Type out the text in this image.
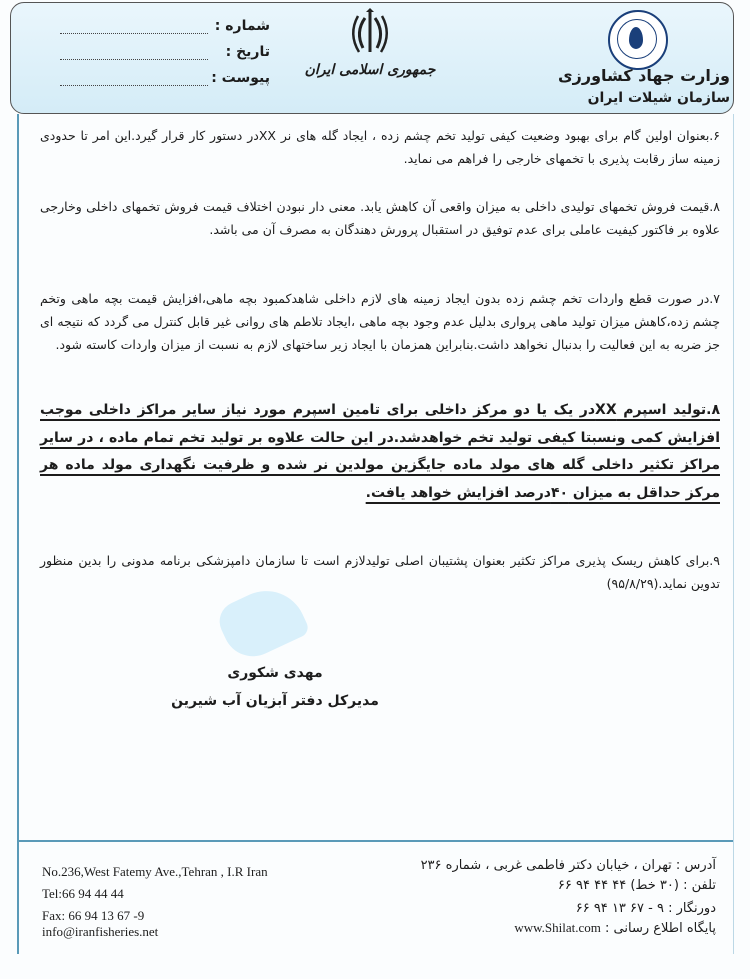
شماره :
تاریخ :
پیوست :	جمهوری اسلامی ایران	وزارت جهاد کشاورزی
سازمان شیلات ایران
۶.بعنوان اولین گام برای بهبود وضعیت کیفی تولید تخم چشم زده ، ایجاد گله های نر XXدر دستور کار قرار گیرد.این امر تا حدودی زمینه ساز رقابت پذیری با تخمهای خارجی را فراهم می نماید.
۸.قیمت فروش تخمهای تولیدی داخلی به میزان واقعی آن کاهش یابد. معنی دار نبودن اختلاف قیمت فروش تخمهای داخلی وخارجی علاوه بر فاکتور کیفیت عاملی برای عدم توفیق در استقبال پرورش دهندگان به مصرف آن می باشد.
۷.در صورت قطع واردات تخم چشم زده بدون ایجاد زمینه های لازم داخلی شاهدکمبود بچه ماهی،افزایش قیمت بچه ماهی وتخم چشم زده،کاهش میزان تولید ماهی پرواری بدلیل عدم وجود بچه ماهی ،ایجاد تلاطم های روانی غیر قابل کنترل می گردد که نتیجه ای جز ضربه به این فعالیت را بدنبال نخواهد داشت.بنابراین همزمان با ایجاد زیر ساختهای لازم به نسبت از میزان واردات کاسته شود.
۸.تولید اسپرم XXدر یک یا دو مرکز داخلی برای تامین اسپرم مورد نیاز سایر مراکز داخلی موجب افزایش کمی ونسبتا کیفی تولید تخم خواهدشد.در این حالت علاوه بر تولید تخم تمام ماده ، در سایر مراکز تکثیر داخلی گله های مولد ماده جایگزین مولدین نر شده و ظرفیت نگهداری مولد ماده هر مرکز حداقل به میزان ۴۰درصد افزایش خواهد یافت.
۹.برای کاهش ریسک پذیری مراکز تکثیر بعنوان پشتیبان اصلی تولیدلازم است تا سازمان دامپزشکی برنامه مدونی را بدین منظور تدوین نماید.(۹۵/۸/۲۹)
مهدی شکوری
مدیرکل دفتر آبزیان آب شیرین
No.236,West Fatemy Ave.,Tehran , I.R Iran
Tel:66 94 44 44
Fax: 66 94 13 67 -9
info@iranfisheries.net
آدرس : تهران ، خیابان دکتر فاطمی غربی ، شماره ۲۳۶
تلفن : (۳۰ خط) ۴۴ ۴۴ ۹۴ ۶۶
دورنگار : ۹ - ۶۷ ۱۳ ۹۴ ۶۶
پایگاه اطلاع رسانی : www.Shilat.com
